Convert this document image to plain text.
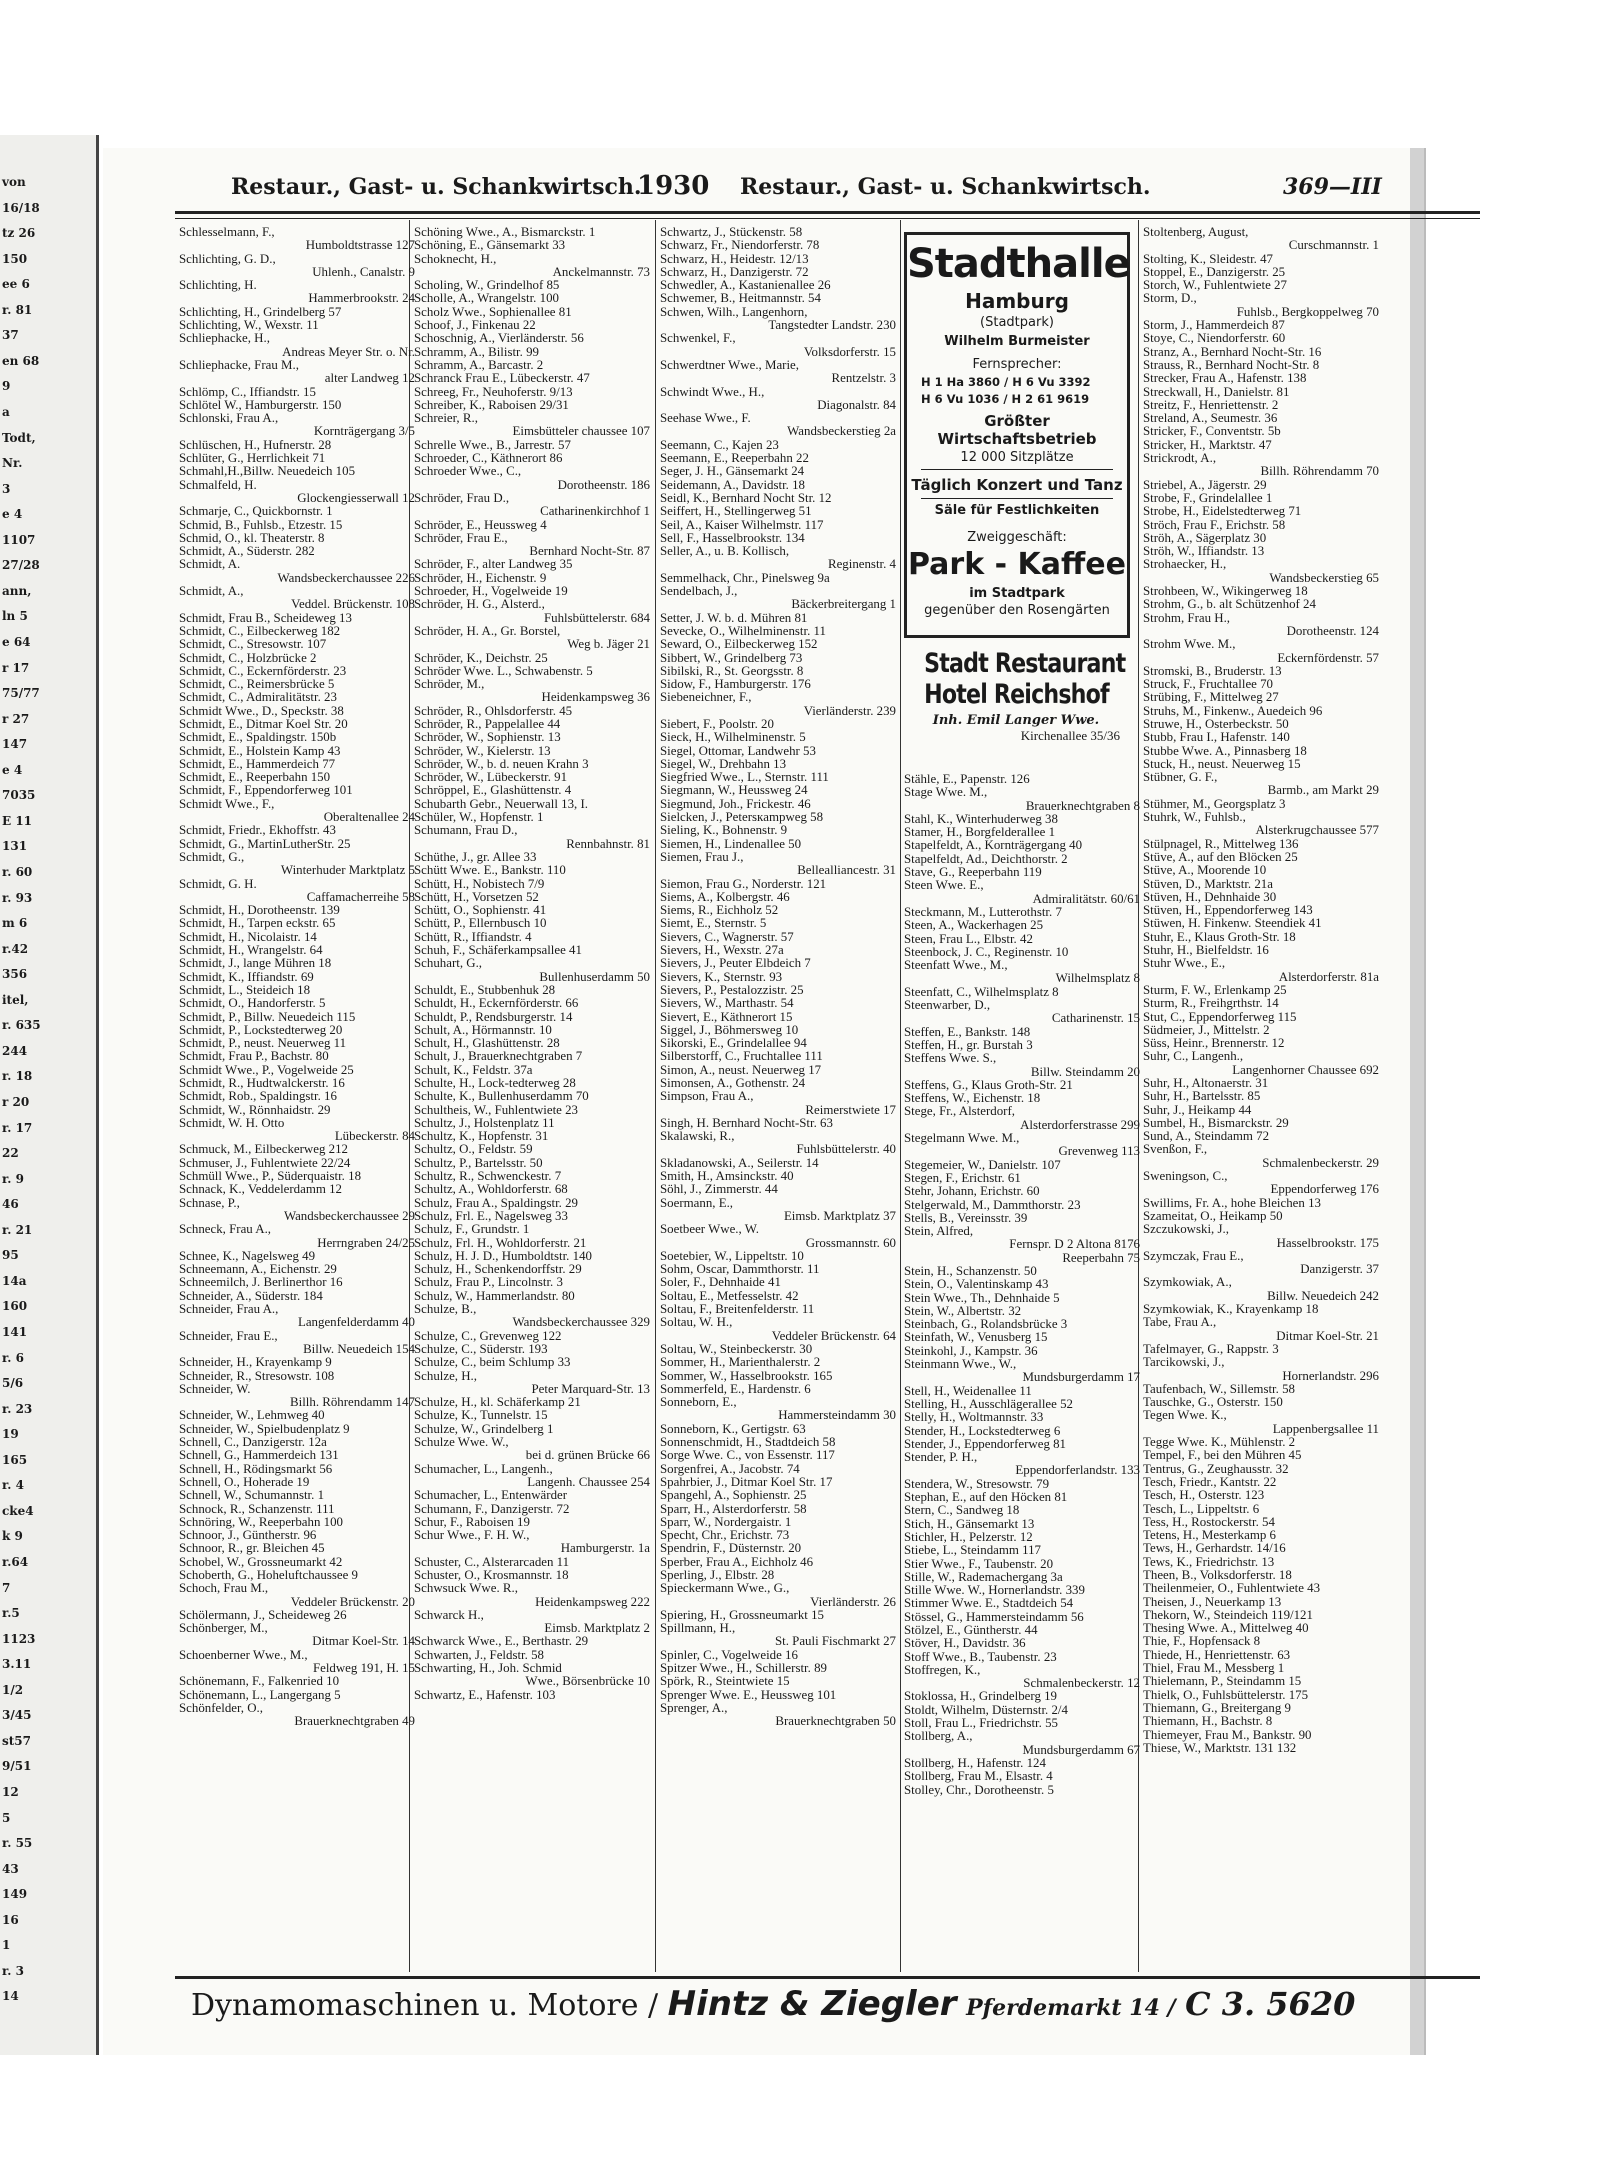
von
16/18
tz 26
150
ee 6
r. 81
37
en 68
9
a
Todt,
Nr.
3
e 4
1107
27/28
ann,
ln 5
e 64
r 17
75/77
r 27
147
e 4
7035
E 11
131
r. 60
r. 93
m 6
r.42
356
itel,
r. 635
244
r. 18
r 20
r. 17
22
r. 9
46
r. 21
95
14a
160
141
r. 6
5/6
r. 23
19
165
r. 4
cke4
k 9
r.64
7
r.5
1123
3.11
1/2
3/45
st57
9/51
12
5
r. 55
43
149
16
1
r. 3
14
Restaur., Gast- u. Schankwirtsch.
1930 Restaur., Gast- u. Schankwirtsch.	369—III
Schlesselmann, F.,
Humboldtstrasse 127
Schlichting, G. D.,
Uhlenh., Canalstr. 9
Schlichting, H.
Hammerbrookstr. 24
Schlichting, H., Grindelberg 57
Schlichting, W., Wexstr. 11
Schliephacke, H.,
Andreas Meyer Str. o. Nr.
Schliephacke, Frau M.,
alter Landweg 12
Schlömp, C., Iffiandstr. 15
Schlötel W., Hamburgerstr. 150
Schlonski, Frau A.,
Kornträgergang 3/5
Schlüschen, H., Hufnerstr. 28
Schlüter, G., Herrlichkeit 71
Schmahl,H.,Billw. Neuedeich 105
Schmalfeld, H.
Glockengiesserwall 12
Schmarje, C., Quickbornstr. 1
Schmid, B., Fuhlsb., Etzestr. 15
Schmid, O., kl. Theaterstr. 8
Schmidt, A., Süderstr. 282
Schmidt, A.
Wandsbeckerchaussee 226
Schmidt, A.,
Veddel. Brückenstr. 108
Schmidt, Frau B., Scheideweg 13
Schmidt, C., Eilbeckerweg 182
Schmidt, C., Stresowstr. 107
Schmidt, C., Holzbrücke 2
Schmidt, C., Eckernförderstr. 23
Schmidt, C., Reimersbrücke 5
Schmidt, C., Admiralitätstr. 23
Schmidt Wwe., D., Speckstr. 38
Schmidt, E., Ditmar Koel Str. 20
Schmidt, E., Spaldingstr. 150b
Schmidt, E., Holstein Kamp 43
Schmidt, E., Hammerdeich 77
Schmidt, E., Reeperbahn 150
Schmidt, F., Eppendorferweg 101
Schmidt Wwe., F.,
Oberaltenallee 24
Schmidt, Friedr., Ekhoffstr. 43
Schmidt, G., MartinLutherStr. 25
Schmidt, G.,
Winterhuder Marktplatz 5
Schmidt, G. H.
Caffamacherreihe 58
Schmidt, H., Dorotheenstr. 139
Schmidt, H., Tarpen eckstr. 65
Schmidt, H., Nicolaistr. 14
Schmidt, H., Wrangelstr. 64
Schmidt, J., lange Mühren 18
Schmidt, K., Iffiandstr. 69
Schmidt, L., Steideich 18
Schmidt, O., Handorferstr. 5
Schmidt, P., Billw. Neuedeich 115
Schmidt, P., Lockstedterweg 20
Schmidt, P., neust. Neuerweg 11
Schmidt, Frau P., Bachstr. 80
Schmidt Wwe., P., Vogelweide 25
Schmidt, R., Hudtwalckerstr. 16
Schmidt, Rob., Spaldingstr. 16
Schmidt, W., Rönnhaidstr. 29
Schmidt, W. H. Otto
Lübeckerstr. 84
Schmuck, M., Eilbeckerweg 212
Schmuser, J., Fuhlentwiete 22/24
Schmüll Wwe., P., Süderquaistr. 18
Schnack, K., Veddelerdamm 12
Schnase, P.,
Wandsbeckerchaussee 29
Schneck, Frau A.,
Herrngraben 24/25
Schnee, K., Nagelsweg 49
Schneemann, A., Eichenstr. 29
Schneemilch, J. Berlinerthor 16
Schneider, A., Süderstr. 184
Schneider, Frau A.,
Langenfelderdamm 40
Schneider, Frau E.,
Billw. Neuedeich 154
Schneider, H., Krayenkamp 9
Schneider, R., Stresowstr. 108
Schneider, W.
Billh. Röhrendamm 147
Schneider, W., Lehmweg 40
Schneider, W., Spielbudenplatz 9
Schnell, C., Danzigerstr. 12a
Schnell, G., Hammerdeich 131
Schnell, H., Rödingsmarkt 56
Schnell, O., Hoherade 19
Schnell, W., Schumannstr. 1
Schnock, R., Schanzenstr. 111
Schnöring, W., Reeperbahn 100
Schnoor, J., Güntherstr. 96
Schnoor, R., gr. Bleichen 45
Schobel, W., Grossneumarkt 42
Schoberth, G., Hoheluftchaussee 9
Schoch, Frau M.,
Veddeler Brückenstr. 20
Schölermann, J., Scheideweg 26
Schönberger, M.,
Ditmar Koel-Str. 14
Schoenberner Wwe., M.,
Feldweg 191, H. 15
Schönemann, F., Falkenried 10
Schönemann, L., Langergang 5
Schönfelder, O.,
Brauerknechtgraben 49
Schöning Wwe., A., Bismarckstr. 1
Schöning, E., Gänsemarkt 33
Schoknecht, H.,
Anckelmannstr. 73
Scholing, W., Grindelhof 85
Scholle, A., Wrangelstr. 100
Scholz Wwe., Sophienallee 81
Schoof, J., Finkenau 22
Schoschnig, A., Vierländerstr. 56
Schramm, A., Bilistr. 99
Schramm, A., Barcastr. 2
Schranck Frau E., Lübeckerstr. 47
Schreeg, Fr., Neuhoferstr. 9/13
Schreiber, K., Raboisen 29/31
Schreier, R.,
Eimsbütteler chaussee 107
Schrelle Wwe., B., Jarrestr. 57
Schroeder, C., Käthnerort 86
Schroeder Wwe., C.,
Dorotheenstr. 186
Schröder, Frau D.,
Catharinenkirchhof 1
Schröder, E., Heussweg 4
Schröder, Frau E.,
Bernhard Nocht-Str. 87
Schröder, F., alter Landweg 35
Schröder, H., Eichenstr. 9
Schroeder, H., Vogelweide 19
Schröder, H. G., Alsterd.,
Fuhlsbüttelerstr. 684
Schröder, H. A., Gr. Borstel,
Weg b. Jäger 21
Schröder, K., Deichstr. 25
Schröder Wwe. L., Schwabenstr. 5
Schröder, M.,
Heidenkampsweg 36
Schröder, R., Ohlsdorferstr. 45
Schröder, R., Pappelallee 44
Schröder, W., Sophienstr. 13
Schröder, W., Kielerstr. 13
Schröder, W., b. d. neuen Krahn 3
Schröder, W., Lübeckerstr. 91
Schröppel, E., Glashüttenstr. 4
Schubarth Gebr., Neuerwall 13, I.
Schüler, W., Hopfenstr. 1
Schumann, Frau D.,
Rennbahnstr. 81
Schüthe, J., gr. Allee 33
Schütt Wwe. E., Bankstr. 110
Schütt, H., Nobistech 7/9
Schütt, H., Vorsetzen 52
Schütt, O., Sophienstr. 41
Schütt, P., Ellernbusch 10
Schütt, R., Iffiandstr. 4
Schuh, F., Schäferkampsallee 41
Schuhart, G.,
Bullenhuserdamm 50
Schuldt, E., Stubbenhuk 28
Schuldt, H., Eckernförderstr. 66
Schuldt, P., Rendsburgerstr. 14
Schult, A., Hörmannstr. 10
Schult, H., Glashüttenstr. 28
Schult, J., Brauerknechtgraben 7
Schult, K., Feldstr. 37a
Schulte, H., Lock-tedterweg 28
Schulte, K., Bullenhuserdamm 70
Schultheis, W., Fuhlentwiete 23
Schultz, J., Holstenplatz 11
Schultz, K., Hopfenstr. 31
Schultz, O., Feldstr. 59
Schultz, P., Bartelsstr. 50
Schultz, R., Schwenckestr. 7
Schultz, A., Wohldorferstr. 68
Schulz, Frau A., Spaldingstr. 29
Schulz, Frl. E., Nagelsweg 33
Schulz, F., Grundstr. 1
Schulz, Frl. H., Wohldorferstr. 21
Schulz, H. J. D., Humboldtstr. 140
Schulz, H., Schenkendorffstr. 29
Schulz, Frau P., Lincolnstr. 3
Schulz, W., Hammerlandstr. 80
Schulze, B.,
Wandsbeckerchaussee 329
Schulze, C., Grevenweg 122
Schulze, C., Süderstr. 193
Schulze, C., beim Schlump 33
Schulze, H.,
Peter Marquard-Str. 13
Schulze, H., kl. Schäferkamp 21
Schulze, K., Tunnelstr. 15
Schulze, W., Grindelberg 1
Schulze Wwe. W.,
bei d. grünen Brücke 66
Schumacher, L., Langenh.,
Langenh. Chaussee 254
Schumacher, L., Entenwärder
Schumann, F., Danzigerstr. 72
Schur, F., Raboisen 19
Schur Wwe., F. H. W.,
Hamburgerstr. 1a
Schuster, C., Alsterarcaden 11
Schuster, O., Krosmannstr. 18
Schwsuck Wwe. R.,
Heidenkampsweg 222
Schwarck H.,
Eimsb. Marktplatz 2
Schwarck Wwe., E., Berthastr. 29
Schwarten, J., Feldstr. 58
Schwarting, H., Joh. Schmid
Wwe., Börsenbrücke 10
Schwartz, E., Hafenstr. 103
Schwartz, J., Stückenstr. 58
Schwarz, Fr., Niendorferstr. 78
Schwarz, H., Heidestr. 12/13
Schwarz, H., Danzigerstr. 72
Schwedler, A., Kastanienallee 26
Schwemer, B., Heitmannstr. 54
Schwen, Wilh., Langenhorn,
Tangstedter Landstr. 230
Schwenkel, F.,
Volksdorferstr. 15
Schwerdtner Wwe., Marie,
Rentzelstr. 3
Schwindt Wwe., H.,
Diagonalstr. 84
Seehase Wwe., F.
Wandsbeckerstieg 2a
Seemann, C., Kajen 23
Seemann, E., Reeperbahn 22
Seger, J. H., Gänsemarkt 24
Seidemann, A., Davidstr. 18
Seidl, K., Bernhard Nocht Str. 12
Seiffert, H., Stellingerweg 51
Seil, A., Kaiser Wilhelmstr. 117
Sell, F., Hasselbrookstr. 134
Seller, A., u. B. Kollisch,
Reginenstr. 4
Semmelhack, Chr., Pinelsweg 9a
Sendelbach, J.,
Bäckerbreitergang 1
Setter, J. W. b. d. Mühren 81
Sevecke, O., Wilhelminenstr. 11
Seward, O., Eilbeckerweg 152
Sibbert, W., Grindelberg 73
Sibilski, R., St. Georgsstr. 8
Sidow, F., Hamburgerstr. 176
Siebeneichner, F.,
Vierländerstr. 239
Siebert, F., Poolstr. 20
Sieck, H., Wilhelminenstr. 5
Siegel, Ottomar, Landwehr 53
Siegel, W., Drehbahn 13
Siegfried Wwe., L., Sternstr. 111
Siegmann, W., Heussweg 24
Siegmund, Joh., Frickestr. 46
Sielcken, J., Petersкampweg 58
Sieling, K., Bohnenstr. 9
Siemen, H., Lindenallee 50
Siemen, Frau J.,
Belleallianсestr. 31
Siemon, Frau G., Norderstr. 121
Siems, A., Kolbergstr. 46
Siems, R., Eichholz 52
Siemt, E., Sternstr. 5
Sievers, C., Wagnerstr. 57
Sievers, H., Wexstr. 27a
Sievers, J., Peuter Elbdeich 7
Sievers, K., Sternstr. 93
Sievers, P., Pestalozzistr. 25
Sievers, W., Marthastr. 54
Sievert, E., Käthnerort 15
Siggel, J., Böhmersweg 10
Sikorski, E., Grindelallee 94
Silberstorff, C., Fruchtallee 111
Simon, A., neust. Neuerweg 17
Simonsen, A., Gothenstr. 24
Simpson, Frau A.,
Reimerstwiete 17
Singh, H. Bernhard Nocht-Str. 63
Skalawski, R.,
Fuhlsbüttelerstr. 40
Skladanowski, A., Seilerstr. 14
Smith, H., Amsinckstr. 40
Söhl, J., Zimmerstr. 44
Soermann, E.,
Eimsb. Marktplatz 37
Soetbeer Wwe., W.
Grossmannstr. 60
Soetebier, W., Lippeltstr. 10
Sohm, Oscar, Dammthorstr. 11
Soler, F., Dehnhaide 41
Soltau, E., Metfesselstr. 42
Soltau, F., Breitenfelderstr. 11
Soltau, W. H.,
Veddeler Brückenstr. 64
Soltau, W., Steinbeckerstr. 30
Sommer, H., Marienthalerstr. 2
Sommer, W., Hasselbrookstr. 165
Sommerfeld, E., Hardenstr. 6
Sonneborn, E.,
Hammersteindamm 30
Sonneborn, K., Gertigstr. 63
Sonnenschmidt, H., Stadtdeich 58
Sorge Wwe. C., von Essenstr. 117
Sorgenfrei, A., Jacobstr. 74
Spahrbier, J., Ditmar Koel Str. 17
Spangehl, A., Sophienstr. 25
Sparr, H., Alsterdorferstr. 58
Sparr, W., Nordergaistr. 1
Specht, Chr., Erichstr. 73
Spendrin, F., Düsternstr. 20
Sperber, Frau A., Eichholz 46
Sperling, J., Elbstr. 28
Spieckermann Wwe., G.,
Vierländerstr. 26
Spiering, H., Grossneumarkt 15
Spillmann, H.,
St. Pauli Fischmarkt 27
Spinler, C., Vogelweide 16
Spitzer Wwe., H., Schillerstr. 89
Spörk, R., Steintwiete 15
Sprenger Wwe. E., Heussweg 101
Sprenger, A.,
Brauerknechtgraben 50
Stähle, E., Papenstr. 126
Stage Wwe. M.,
Brauerknechtgraben 8
Stahl, K., Winterhuderweg 38
Stamer, H., Borgfelderallee 1
Stapelfeldt, A., Kornträgergang 40
Stapelfeldt, Ad., Deichthorstr. 2
Stave, G., Reeperbahn 119
Steen Wwe. E.,
Admiralitätstr. 60/61
Steckmann, M., Lutterothstr. 7
Steen, A., Wackerhagen 25
Steen, Frau L., Elbstr. 42
Steenbock, J. C., Reginenstr. 10
Steenfatt Wwe., M.,
Wilhelmsplatz 8
Steenfatt, C., Wilhelmsplatz 8
Steenwarber, D.,
Catharinenstr. 15
Steffen, E., Bankstr. 148
Steffen, H., gr. Burstah 3
Steffens Wwe. S.,
Billw. Steindamm 20
Steffens, G., Klaus Groth-Str. 21
Steffens, W., Eichenstr. 18
Stege, Fr., Alsterdorf,
Alsterdorferstrasse 299
Stegelmann Wwe. M.,
Grevenweg 113
Stegemeier, W., Danielstr. 107
Stegen, F., Erichstr. 61
Stehr, Johann, Erichstr. 60
Stelgerwald, M., Dammthorstr. 23
Stells, B., Vereinsstr. 39
Stein, Alfred,
Fernspr. D 2 Altona 8176
Reeperbahn 75
Stein, H., Schanzenstr. 50
Stein, O., Valentinskamp 43
Stein Wwe., Th., Dehnhaide 5
Stein, W., Albertstr. 32
Steinbach, G., Rolandsbrücke 3
Steinfath, W., Venusberg 15
Steinkohl, J., Kampstr. 36
Steinmann Wwe., W.,
Mundsburgerdamm 17
Stell, H., Weidenallee 11
Stelling, H., Ausschlägerallee 52
Stelly, H., Woltmannstr. 33
Stender, H., Lockstedterweg 6
Stender, J., Eppendorferweg 81
Stender, P. H.,
Eppendorferlandstr. 133
Stendera, W., Stresowstr. 79
Stephan, E., auf den Höcken 81
Stern, C., Sandweg 18
Stich, H., Gänsemarkt 13
Stichler, H., Pelzerstr. 12
Stiebe, L., Steindamm 117
Stier Wwe., F., Taubenstr. 20
Stille, W., Rademachergang 3a
Stille Wwe. W., Hornerlandstr. 339
Stimmer Wwe. E., Stadtdeich 54
Stössel, G., Hammersteindamm 56
Stölzel, E., Güntherstr. 44
Stöver, H., Davidstr. 36
Stoff Wwe., B., Taubenstr. 23
Stoffregen, K.,
Schmalenbeckerstr. 12
Stoklossa, H., Grindelberg 19
Stoldt, Wilhelm, Düsternstr. 2/4
Stoll, Frau L., Friedrichstr. 55
Stollberg, A.,
Mundsburgerdamm 67
Stollberg, H., Hafenstr. 124
Stollberg, Frau M., Elsastr. 4
Stolley, Chr., Dorotheenstr. 5
Stoltenberg, August,
Curschmannstr. 1
Stolting, K., Sleidestr. 47
Stoppel, E., Danzigerstr. 25
Storch, W., Fuhlentwiete 27
Storm, D.,
Fuhlsb., Bergkoppelweg 70
Storm, J., Hammerdeich 87
Stoye, C., Niendorferstr. 60
Stranz, A., Bernhard Nocht-Str. 16
Strauss, R., Bernhard Nocht-Str. 8
Strecker, Frau A., Hafenstr. 138
Streckwall, H., Danielstr. 81
Streitz, F., Henriettenstr. 2
Streland, A., Seumestr. 36
Stricker, F., Conventstr. 5b
Stricker, H., Marktstr. 47
Strickrodt, A.,
Billh. Röhrendamm 70
Striebel, A., Jägerstr. 29
Strobe, F., Grindelallee 1
Strobe, H., Eidelstedterweg 71
Ströch, Frau F., Erichstr. 58
Ströh, A., Sägerplatz 30
Ströh, W., Iffiandstr. 13
Strohaecker, H.,
Wandsbeckerstieg 65
Strohbeen, W., Wikingerweg 18
Strohm, G., b. alt Schützenhof 24
Strohm, Frau H.,
Dorotheenstr. 124
Strohm Wwe. M.,
Eckernfördenstr. 57
Stromski, B., Bruderstr. 13
Struck, F., Fruchtallee 70
Strübing, F., Mittelweg 27
Struhs, M., Finkenw., Auedeich 96
Struwe, H., Osterbeckstr. 50
Stubb, Frau I., Hafenstr. 140
Stubbe Wwe. A., Pinnasberg 18
Stuck, H., neust. Neuerweg 15
Stübner, G. F.,
Barmb., am Markt 29
Stühmer, M., Georgsplatz 3
Stuhrk, W., Fuhlsb.,
Alsterkrugchaussee 577
Stülpnagel, R., Mittelweg 136
Stüve, A., auf den Blöcken 25
Stüve, A., Moorende 10
Stüven, D., Marktstr. 21a
Stüven, H., Dehnhaide 30
Stüven, H., Eppendorferweg 143
Stüwen, H. Finkenw. Steendiek 41
Stuhr, E., Klaus Groth-Str. 18
Stuhr, H., Bielfeldstr. 16
Stuhr Wwe., E.,
Alsterdorferstr. 81a
Sturm, F. W., Erlenkamp 25
Sturm, R., Freihgrthstr. 14
Stut, C., Eppendorferweg 115
Südmeier, J., Mittelstr. 2
Süss, Heinr., Brennerstr. 12
Suhr, C., Langenh.,
Langenhorner Chaussee 692
Suhr, H., Altonaerstr. 31
Suhr, H., Bartelsstr. 85
Suhr, J., Heikamp 44
Sumbel, H., Bismarckstr. 29
Sund, A., Steindamm 72
Svenßon, F.,
Schmalenbeckerstr. 29
Sweningson, C.,
Eppendorferweg 176
Swillims, Fr. A., hohe Bleichen 13
Szameitat, O., Heikamp 50
Szczukowski, J.,
Hasselbrookstr. 175
Szymczak, Frau E.,
Danzigerstr. 37
Szymkowiak, A.,
Billw. Neuedeich 242
Szymkowiak, K., Krayenkamp 18
Tabe, Frau A.,
Ditmar Koel-Str. 21
Tafelmayer, G., Rappstr. 3
Tarcikowski, J.,
Hornerlandstr. 296
Taufenbach, W., Sillemstr. 58
Tauschke, G., Osterstr. 150
Tegen Wwe. K.,
Lappenbergsallee 11
Tegge Wwe. K., Mühlenstr. 2
Tempel, F., bei den Mühren 45
Tentrus, G., Zeughausstr. 32
Tesch, Friedr., Kantstr. 22
Tesch, H., Osterstr. 123
Tesch, L., Lippeltstr. 6
Tess, H., Rostockerstr. 54
Tetens, H., Mesterkamp 6
Tews, H., Gerhardstr. 14/16
Tews, K., Friedrichstr. 13
Theen, B., Volksdorferstr. 18
Theilenmeier, O., Fuhlentwiete 43
Theisen, J., Neuerkamp 13
Thekorn, W., Steindeich 119/121
Thesing Wwe. A., Mittelweg 40
Thie, F., Hopfensack 8
Thiede, H., Henriettenstr. 63
Thiel, Frau M., Messberg 1
Thielemann, P., Steindamm 15
Thielk, O., Fuhlsbüttelerstr. 175
Thiemann, G., Breitergang 9
Thiemann, H., Bachstr. 8
Thiemeyer, Frau M., Bankstr. 90
Thiese, W., Marktstr. 131 132
Stadthalle
Hamburg
(Stadtpark)
Wilhelm Burmeister
Fernsprecher:
H 1 Ha 3860 / H 6 Vu 3392
H 6 Vu 1036 / H 2 61 9619
Größter Wirtschaftsbetrieb
12 000 Sitzplätze
Täglich Konzert und Tanz
Säle für Festlichkeiten
Zweiggeschäft:
Park - Kaffee
im Stadtpark
gegenüber den Rosengärten
Stadt Restaurant
Hotel Reichshof
Inh. Emil Langer Wwe.
Kirchenallee 35/36
Dynamomaschinen u. Motore / Hintz & Ziegler Pferdemarkt 14 / C 3. 5620
